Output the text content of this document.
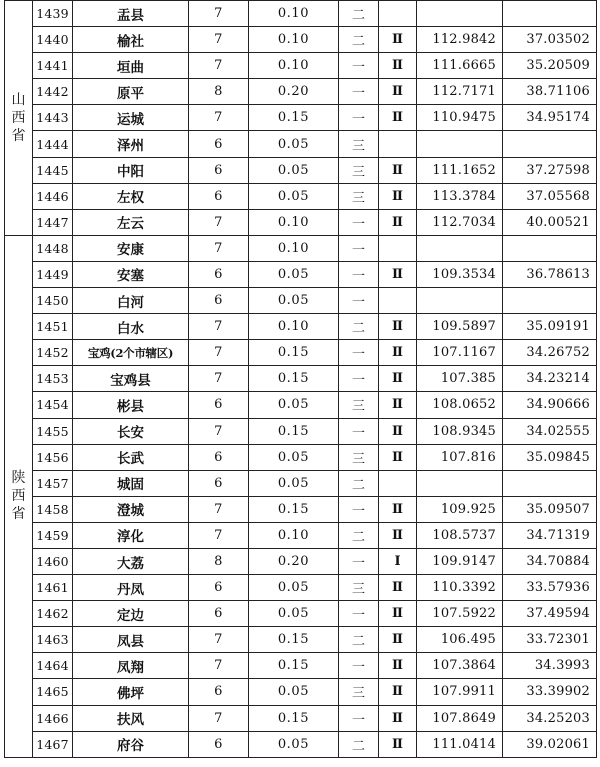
山
西
省	1439	盂县	7	0.10	二			
	1440	榆社	7	0.10	二	Ⅱ	112.9842	37.03502
	1441	垣曲	7	0.10	一	Ⅱ	111.6665	35.20509
	1442	原平	8	0.20	一	Ⅱ	112.7171	38.71106
	1443	运城	7	0.15	一	Ⅱ	110.9475	34.95174
	1444	泽州	6	0.05	三			
	1445	中阳	6	0.05	三	Ⅱ	111.1652	37.27598
	1446	左权	6	0.05	三	Ⅱ	113.3784	37.05568
	1447	左云	7	0.10	一	Ⅱ	112.7034	40.00521

陕
西
省	1448	安康	7	0.10	一			
	1449	安塞	6	0.05	一	Ⅱ	109.3534	36.78613
	1450	白河	6	0.05	一			
	1451	白水	7	0.10	二	Ⅱ	109.5897	35.09191
	1452	宝鸡(2个市辖区)	7	0.15	一	Ⅱ	107.1167	34.26752
	1453	宝鸡县	7	0.15	一	Ⅱ	107.385	34.23214
	1454	彬县	6	0.05	三	Ⅱ	108.0652	34.90666
	1455	长安	7	0.15	一	Ⅱ	108.9345	34.02555
	1456	长武	6	0.05	三	Ⅱ	107.816	35.09845
	1457	城固	6	0.05	二			
	1458	澄城	7	0.15	一	Ⅱ	109.925	35.09507
	1459	淳化	7	0.10	二	Ⅱ	108.5737	34.71319
	1460	大荔	8	0.20	一	Ⅰ	109.9147	34.70884
	1461	丹凤	6	0.05	三	Ⅱ	110.3392	33.57936
	1462	定边	6	0.05	一	Ⅱ	107.5922	37.49594
	1463	凤县	7	0.15	二	Ⅱ	106.495	33.72301
	1464	凤翔	7	0.15	一	Ⅱ	107.3864	34.3993
	1465	佛坪	6	0.05	三	Ⅱ	107.9911	33.39902
	1466	扶风	7	0.15	一	Ⅱ	107.8649	34.25203
	1467	府谷	6	0.05	二	Ⅱ	111.0414	39.02061
